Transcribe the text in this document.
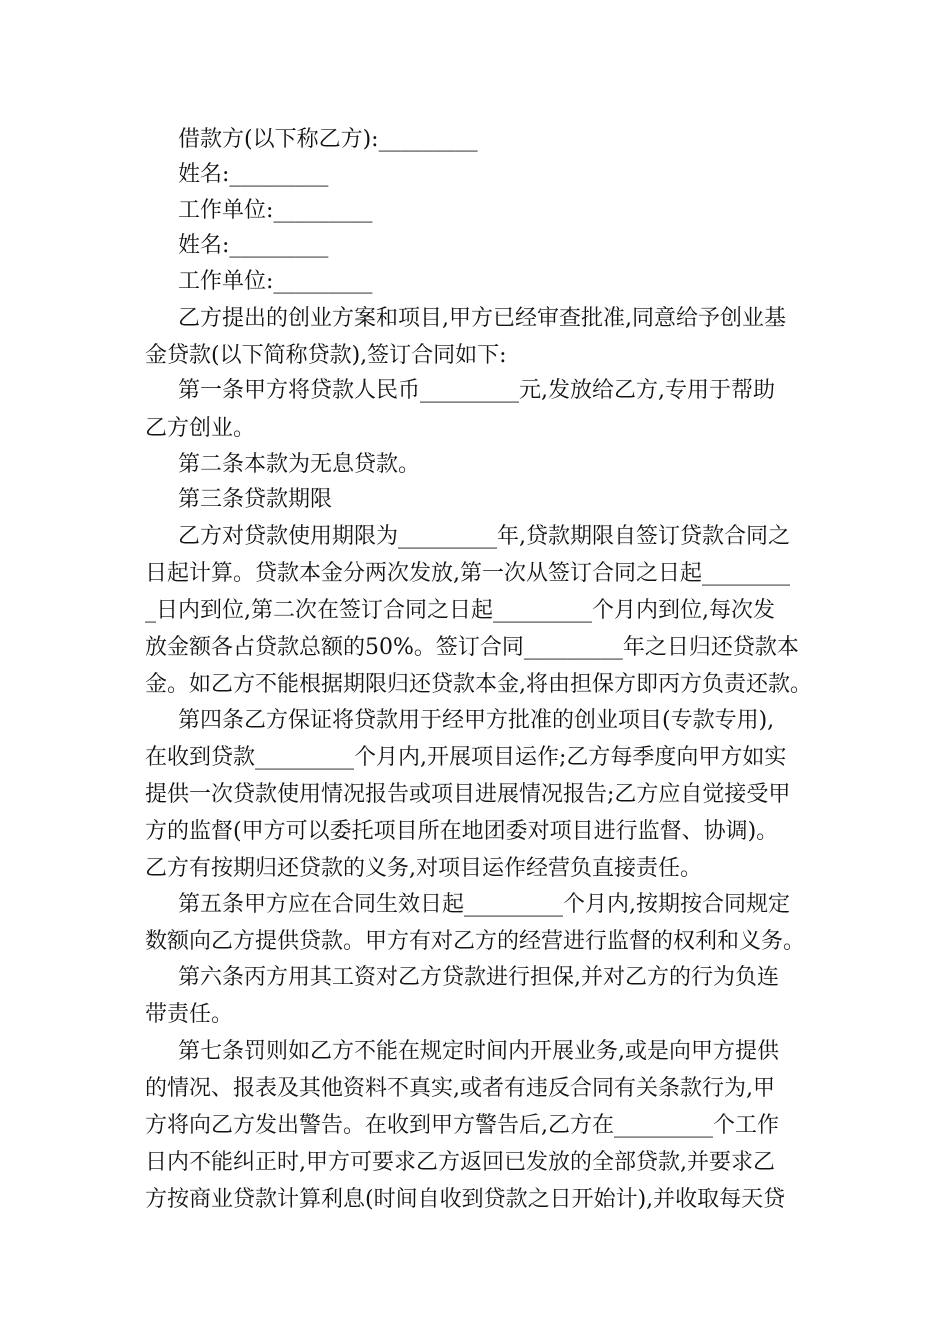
借款方(以下称乙方):_________
姓名:_________
工作单位:_________
姓名:_________
工作单位:_________
乙方提出的创业方案和项目,甲方已经审查批准,同意给予创业基
金贷款(以下简称贷款),签订合同如下:
第一条甲方将贷款人民币_________元,发放给乙方,专用于帮助
乙方创业。
第二条本款为无息贷款。
第三条贷款期限
乙方对贷款使用期限为_________年,贷款期限自签订贷款合同之
日起计算。贷款本金分两次发放,第一次从签订合同之日起________
_日内到位,第二次在签订合同之日起_________个月内到位,每次发
放金额各占贷款总额的50%。签订合同_________年之日归还贷款本
金。如乙方不能根据期限归还贷款本金,将由担保方即丙方负责还款。
第四条乙方保证将贷款用于经甲方批准的创业项目(专款专用),
在收到贷款_________个月内,开展项目运作;乙方每季度向甲方如实
提供一次贷款使用情况报告或项目进展情况报告;乙方应自觉接受甲
方的监督(甲方可以委托项目所在地团委对项目进行监督、协调)。
乙方有按期归还贷款的义务,对项目运作经营负直接责任。
第五条甲方应在合同生效日起_________个月内,按期按合同规定
数额向乙方提供贷款。甲方有对乙方的经营进行监督的权利和义务。
第六条丙方用其工资对乙方贷款进行担保,并对乙方的行为负连
带责任。
第七条罚则如乙方不能在规定时间内开展业务,或是向甲方提供
的情况、报表及其他资料不真实,或者有违反合同有关条款行为,甲
方将向乙方发出警告。在收到甲方警告后,乙方在_________个工作
日内不能纠正时,甲方可要求乙方返回已发放的全部贷款,并要求乙
方按商业贷款计算利息(时间自收到贷款之日开始计),并收取每天贷
